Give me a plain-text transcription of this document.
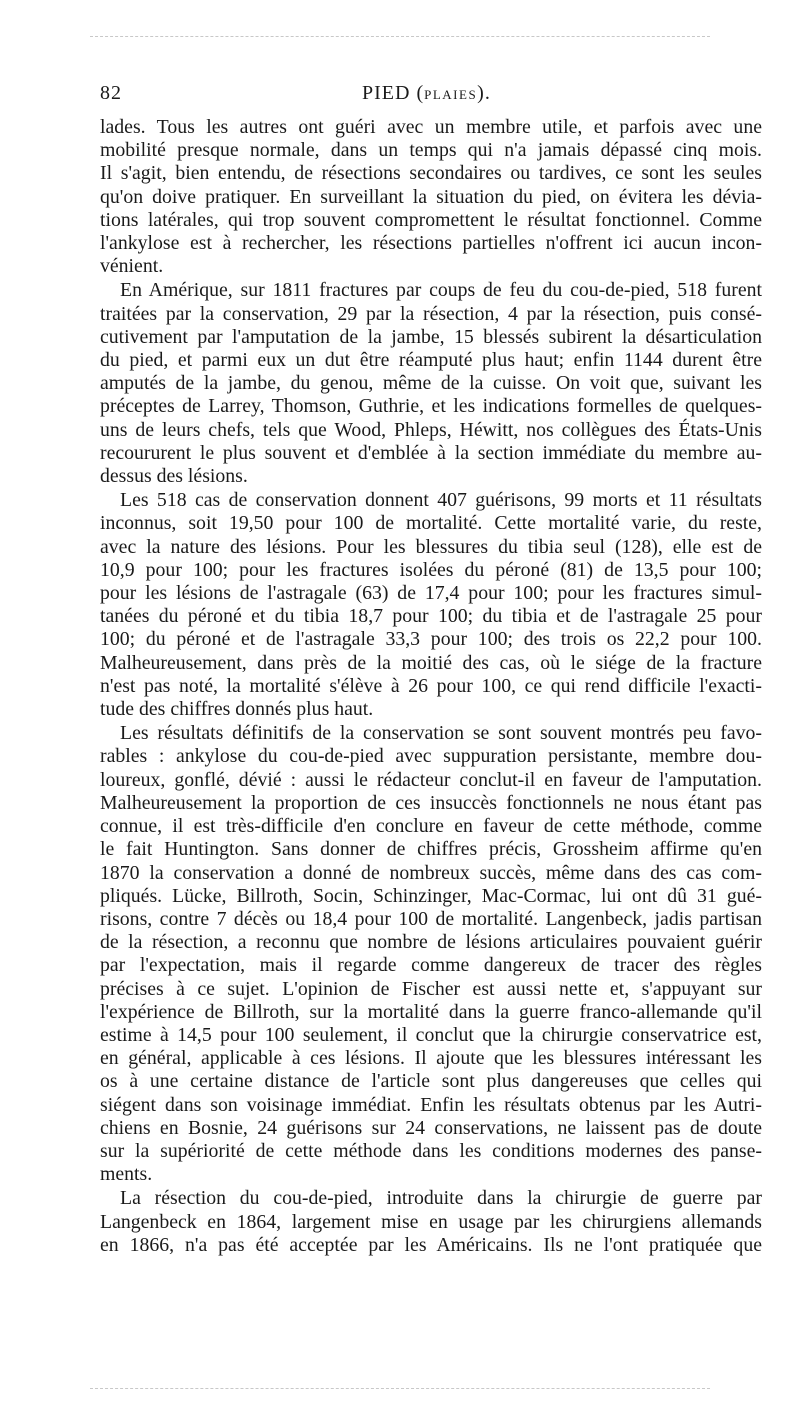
82	PIED (PLAIES).

lades. Tous les autres ont guéri avec un membre utile, et parfois avec une

mobilité presque normale, dans un temps qui n'a jamais dépassé cinq mois.

Il s'agit, bien entendu, de résections secondaires ou tardives, ce sont les seules

qu'on doive pratiquer. En surveillant la situation du pied, on évitera les dévia-

tions latérales, qui trop souvent compromettent le résultat fonctionnel. Comme

l'ankylose est à rechercher, les résections partielles n'offrent ici aucun incon-

vénient.

En Amérique, sur 1811 fractures par coups de feu du cou-de-pied, 518 furent

traitées par la conservation, 29 par la résection, 4 par la résection, puis consé-

cutivement par l'amputation de la jambe, 15 blessés subirent la désarticulation

du pied, et parmi eux un dut être réamputé plus haut; enfin 1144 durent être

amputés de la jambe, du genou, même de la cuisse. On voit que, suivant les

préceptes de Larrey, Thomson, Guthrie, et les indications formelles de quelques-

uns de leurs chefs, tels que Wood, Phleps, Héwitt, nos collègues des États-Unis

recoururent le plus souvent et d'emblée à la section immédiate du membre au-

dessus des lésions.

Les 518 cas de conservation donnent 407 guérisons, 99 morts et 11 résultats

inconnus, soit 19,50 pour 100 de mortalité. Cette mortalité varie, du reste,

avec la nature des lésions. Pour les blessures du tibia seul (128), elle est de

10,9 pour 100; pour les fractures isolées du péroné (81) de 13,5 pour 100;

pour les lésions de l'astragale (63) de 17,4 pour 100; pour les fractures simul-

tanées du péroné et du tibia 18,7 pour 100; du tibia et de l'astragale 25 pour

100; du péroné et de l'astragale 33,3 pour 100; des trois os 22,2 pour 100.

Malheureusement, dans près de la moitié des cas, où le siége de la fracture

n'est pas noté, la mortalité s'élève à 26 pour 100, ce qui rend difficile l'exacti-

tude des chiffres donnés plus haut.

Les résultats définitifs de la conservation se sont souvent montrés peu favo-

rables : ankylose du cou-de-pied avec suppuration persistante, membre dou-

loureux, gonflé, dévié : aussi le rédacteur conclut-il en faveur de l'amputation.

Malheureusement la proportion de ces insuccès fonctionnels ne nous étant pas

connue, il est très-difficile d'en conclure en faveur de cette méthode, comme

le fait Huntington. Sans donner de chiffres précis, Grossheim affirme qu'en

1870 la conservation a donné de nombreux succès, même dans des cas com-

pliqués. Lücke, Billroth, Socin, Schinzinger, Mac-Cormac, lui ont dû 31 gué-

risons, contre 7 décès ou 18,4 pour 100 de mortalité. Langenbeck, jadis partisan

de la résection, a reconnu que nombre de lésions articulaires pouvaient guérir

par l'expectation, mais il regarde comme dangereux de tracer des règles

précises à ce sujet. L'opinion de Fischer est aussi nette et, s'appuyant sur

l'expérience de Billroth, sur la mortalité dans la guerre franco-allemande qu'il

estime à 14,5 pour 100 seulement, il conclut que la chirurgie conservatrice est,

en général, applicable à ces lésions. Il ajoute que les blessures intéressant les

os à une certaine distance de l'article sont plus dangereuses que celles qui

siégent dans son voisinage immédiat. Enfin les résultats obtenus par les Autri-

chiens en Bosnie, 24 guérisons sur 24 conservations, ne laissent pas de doute

sur la supériorité de cette méthode dans les conditions modernes des panse-

ments.

La résection du cou-de-pied, introduite dans la chirurgie de guerre par

Langenbeck en 1864, largement mise en usage par les chirurgiens allemands

en 1866, n'a pas été acceptée par les Américains. Ils ne l'ont pratiquée que
